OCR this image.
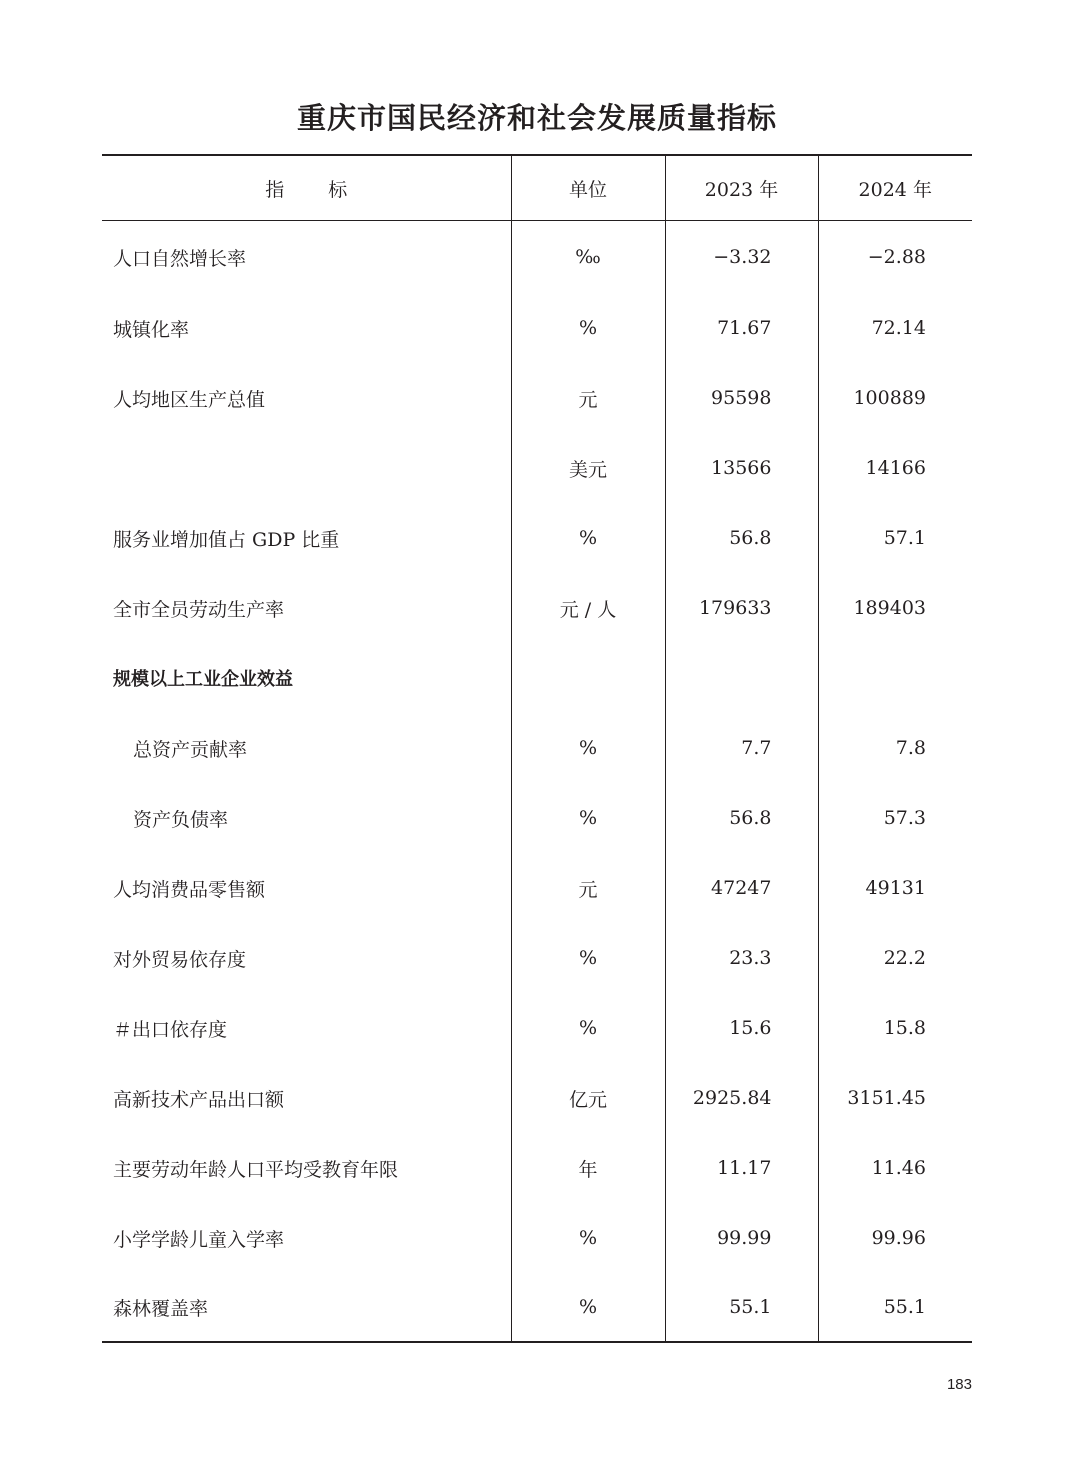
重庆市国民经济和社会发展质量指标
指 标	单位	2023 年	2024 年
人口自然增长率	‰	−3.32	−2.88
城镇化率	%	71.67	72.14
人均地区生产总值	元	95598	100889
	美元	13566	14166
服务业增加值占 GDP 比重	%	56.8	57.1
全市全员劳动生产率	元 / 人	179633	189403
规模以上工业企业效益			
总资产贡献率	%	7.7	7.8
资产负债率	%	56.8	57.3
人均消费品零售额	元	47247	49131
对外贸易依存度	%	23.3	22.2
＃出口依存度	%	15.6	15.8
高新技术产品出口额	亿元	2925.84	3151.45
主要劳动年龄人口平均受教育年限	年	11.17	11.46
小学学龄儿童入学率	%	99.99	99.96
森林覆盖率	%	55.1	55.1
183
